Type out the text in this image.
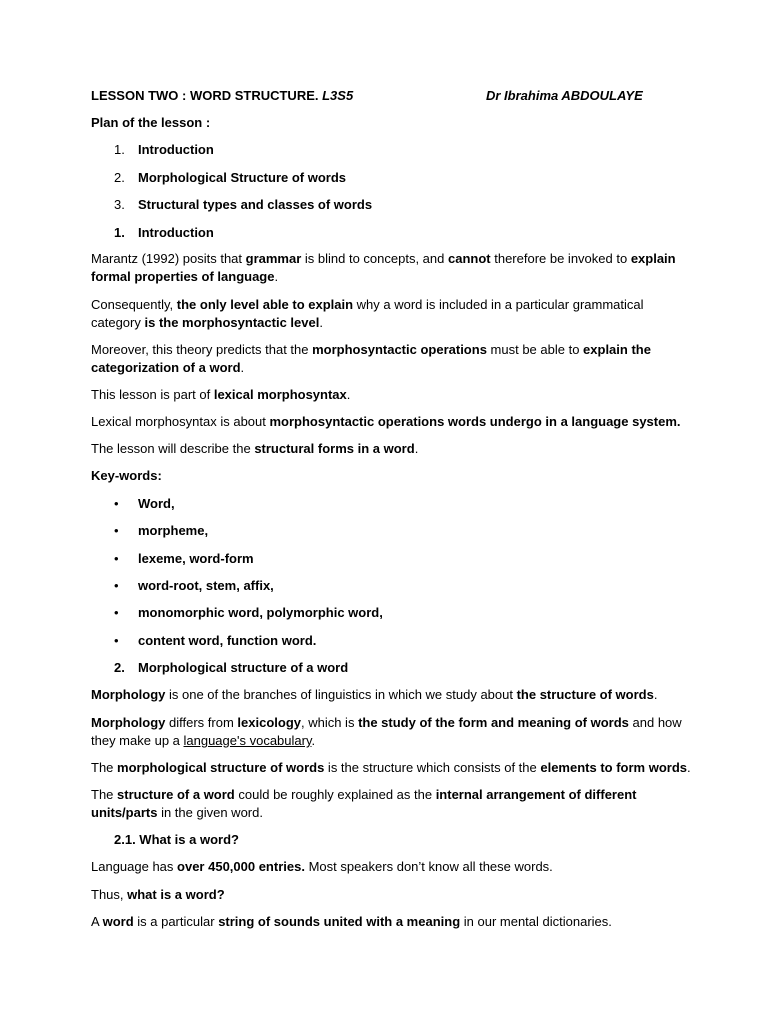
LESSON TWO : WORD STRUCTURE. L3S5	Dr Ibrahima ABDOULAYE

Plan of the lesson :

1. Introduction
2. Morphological Structure of words
3. Structural types and classes of words
1. Introduction

Marantz (1992) posits that grammar is blind to concepts, and cannot therefore be invoked to explain formal properties of language.

Consequently, the only level able to explain why a word is included in a particular grammatical category is the morphosyntactic level.

Moreover, this theory predicts that the morphosyntactic operations must be able to explain the categorization of a word.

This lesson is part of lexical morphosyntax.

Lexical morphosyntax is about morphosyntactic operations words undergo in a language system.

The lesson will describe the structural forms in a word.

Key-words:

• Word,
• morpheme,
• lexeme, word-form
• word-root, stem, affix,
• monomorphic word, polymorphic word,
• content word, function word.
2. Morphological structure of a word

Morphology is one of the branches of linguistics in which we study about the structure of words.

Morphology differs from lexicology, which is the study of the form and meaning of words and how they make up a language's vocabulary.

The morphological structure of words is the structure which consists of the elements to form words.

The structure of a word could be roughly explained as the internal arrangement of different units/parts in the given word.

2.1. What is a word?

Language has over 450,000 entries. Most speakers don’t know all these words.

Thus, what is a word?

A word is a particular string of sounds united with a meaning in our mental dictionaries.
